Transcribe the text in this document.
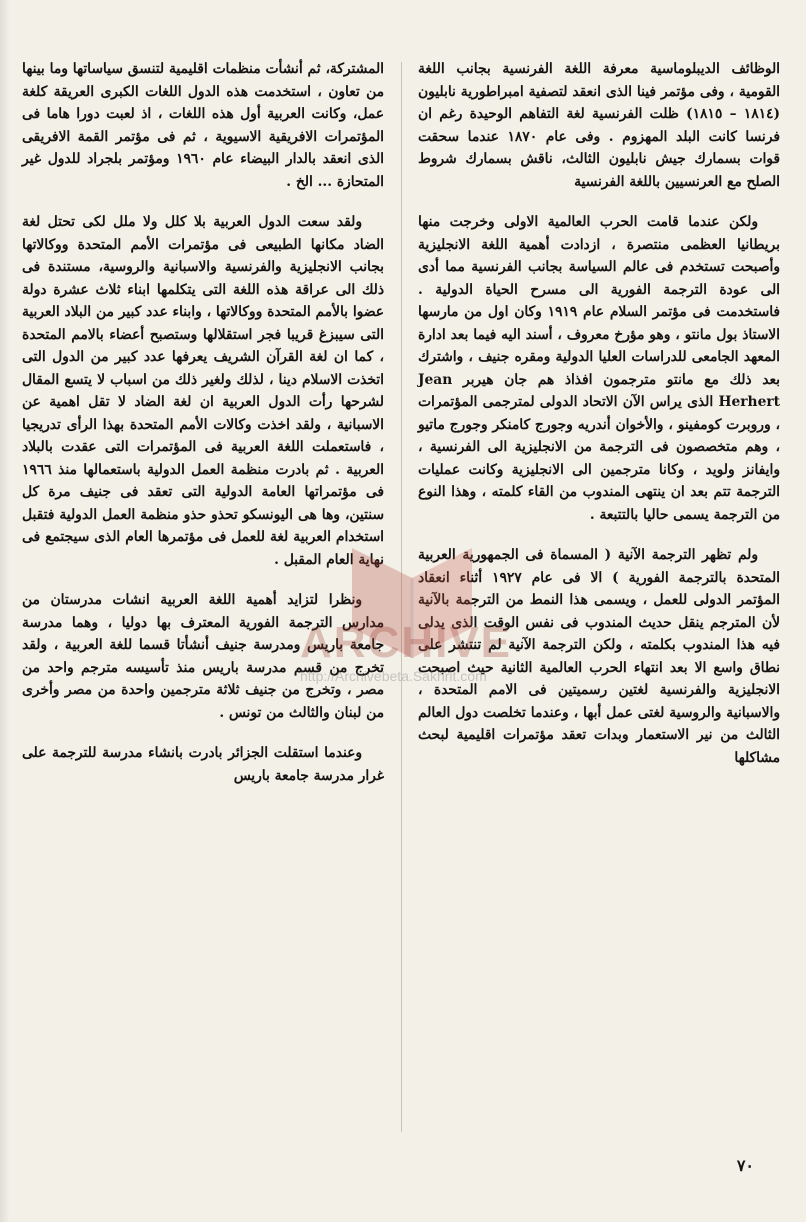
الوظائف الديبلوماسية معرفة اللغة الفرنسية بجانب اللغة القومية ، وفى مؤتمر فينا الذى انعقد لتصفية امبراطورية نابليون (١٨١٤ – ١٨١٥) ظلت الفرنسية لغة التفاهم الوحيدة رغم ان فرنسا كانت البلد المهزوم . وفى عام ١٨٧٠ عندما سحقت قوات بسمارك جيش نابليون الثالث، ناقش بسمارك شروط الصلح مع العرنسيين باللغة الفرنسية

ولكن عندما قامت الحرب العالمية الاولى وخرجت منها بريطانيا العظمى منتصرة ، ازدادت أهمية اللغة الانجليزية وأصبحت تستخدم فى عالم السياسة بجانب الفرنسية مما أدى الى عودة الترجمة الفورية الى مسرح الحياة الدولية . فاستخدمت فى مؤتمر السلام عام ١٩١٩ وكان اول من مارسها الاستاذ بول مانتو ، وهو مؤرخ معروف ، أسند اليه فيما بعد ادارة المعهد الجامعى للدراسات العليا الدولية ومقره جنيف ، واشترك بعد ذلك مع مانتو مترجمون افذاذ هم جان هيربر Jean Herhert الذى يراس الآن الاتحاد الدولى لمترجمى المؤتمرات ، وروبرت كومفينو ، والأخوان أندريه وجورج كامنكر وجورج ماتيو ، وهم متخصصون فى الترجمة من الانجليزية الى الفرنسية ، وايفانز ولويد ، وكانا مترجمين الى الانجليزية وكانت عمليات الترجمة تتم بعد ان ينتهى المندوب من القاء كلمته ، وهذا النوع من الترجمة يسمى حاليا بالتتبعة .

ولم تظهر الترجمة الآنية ( المسماة فى الجمهورية العربية المتحدة بالترجمة الفورية ) الا فى عام ١٩٢٧ أثناء انعقاد المؤتمر الدولى للعمل ، ويسمى هذا النمط من الترجمة بالآنية لأن المترجم ينقل حديث المندوب فى نفس الوقت الذى يدلى فيه هذا المندوب بكلمته ، ولكن الترجمة الآنية لم تنتشر على نطاق واسع الا بعد انتهاء الحرب العالمية الثانية حيث اصبحت الانجليزية والفرنسية لغتين رسميتين فى الامم المتحدة ، والاسبانية والروسية لغتى عمل أبها ، وعندما تخلصت دول العالم الثالث من نير الاستعمار وبدات تعقد مؤتمرات اقليمية لبحث مشاكلها

المشتركة، ثم أنشأت منظمات اقليمية لتنسق سياساتها وما بينها من تعاون ، استخدمت هذه الدول اللغات الكبرى العريقة كلغة عمل، وكانت العربية أول هذه اللغات ، اذ لعبت دورا هاما فى المؤتمرات الافريقية الاسيوية ، ثم فى مؤتمر القمة الافريقى الذى انعقد بالدار البيضاء عام ١٩٦٠ ومؤتمر بلجراد للدول غير المتحازة ... الخ .

ولقد سعت الدول العربية بلا كلل ولا ملل لكى تحتل لغة الضاد مكانها الطبيعى فى مؤتمرات الأمم المتحدة ووكالاتها بجانب الانجليزية والفرنسية والاسبانية والروسية، مستندة فى ذلك الى عراقة هذه اللغة التى يتكلمها ابناء ثلاث عشرة دولة عضوا بالأمم المتحدة ووكالاتها ، وابناء عدد كبير من البلاد العربية التى سيبزغ قريبا فجر استقلالها وستصبح أعضاء بالامم المتحدة ، كما ان لغة القرآن الشريف يعرفها عدد كبير من الدول التى اتخذت الاسلام دينا ، لذلك ولغير ذلك من اسباب لا يتسع المقال لشرحها رأت الدول العربية ان لغة الضاد لا تقل اهمية عن الاسبانية ، ولقد اخذت وكالات الأمم المتحدة بهذا الرأى تدريجيا ، فاستعملت اللغة العربية فى المؤتمرات التى عقدت بالبلاد العربية . ثم بادرت منظمة العمل الدولية باستعمالها منذ ١٩٦٦ فى مؤتمراتها العامة الدولية التى تعقد فى جنيف مرة كل سنتين، وها هى اليونسكو تحذو حذو منظمة العمل الدولية فتقبل استخدام العربية لغة للعمل فى مؤتمرها العام الذى سيجتمع فى نهاية العام المقبل .

ونظرا لتزايد أهمية اللغة العربية انشات مدرستان من مدارس الترجمة الفورية المعترف بها دوليا ، وهما مدرسة جامعة باريس ومدرسة جنيف أنشأتا قسما للغة العربية ، ولقد تخرج من قسم مدرسة باريس منذ تأسيسه مترجم واحد من مصر ، وتخرج من جنيف ثلاثة مترجمين واحدة من مصر وأخرى من لبنان والثالث من تونس .

وعندما استقلت الجزائر بادرت بانشاء مدرسة للترجمة على غرار مدرسة جامعة باريس

ARCHIVE
http://Archivebeta.Sakhrit.com
٧٠
